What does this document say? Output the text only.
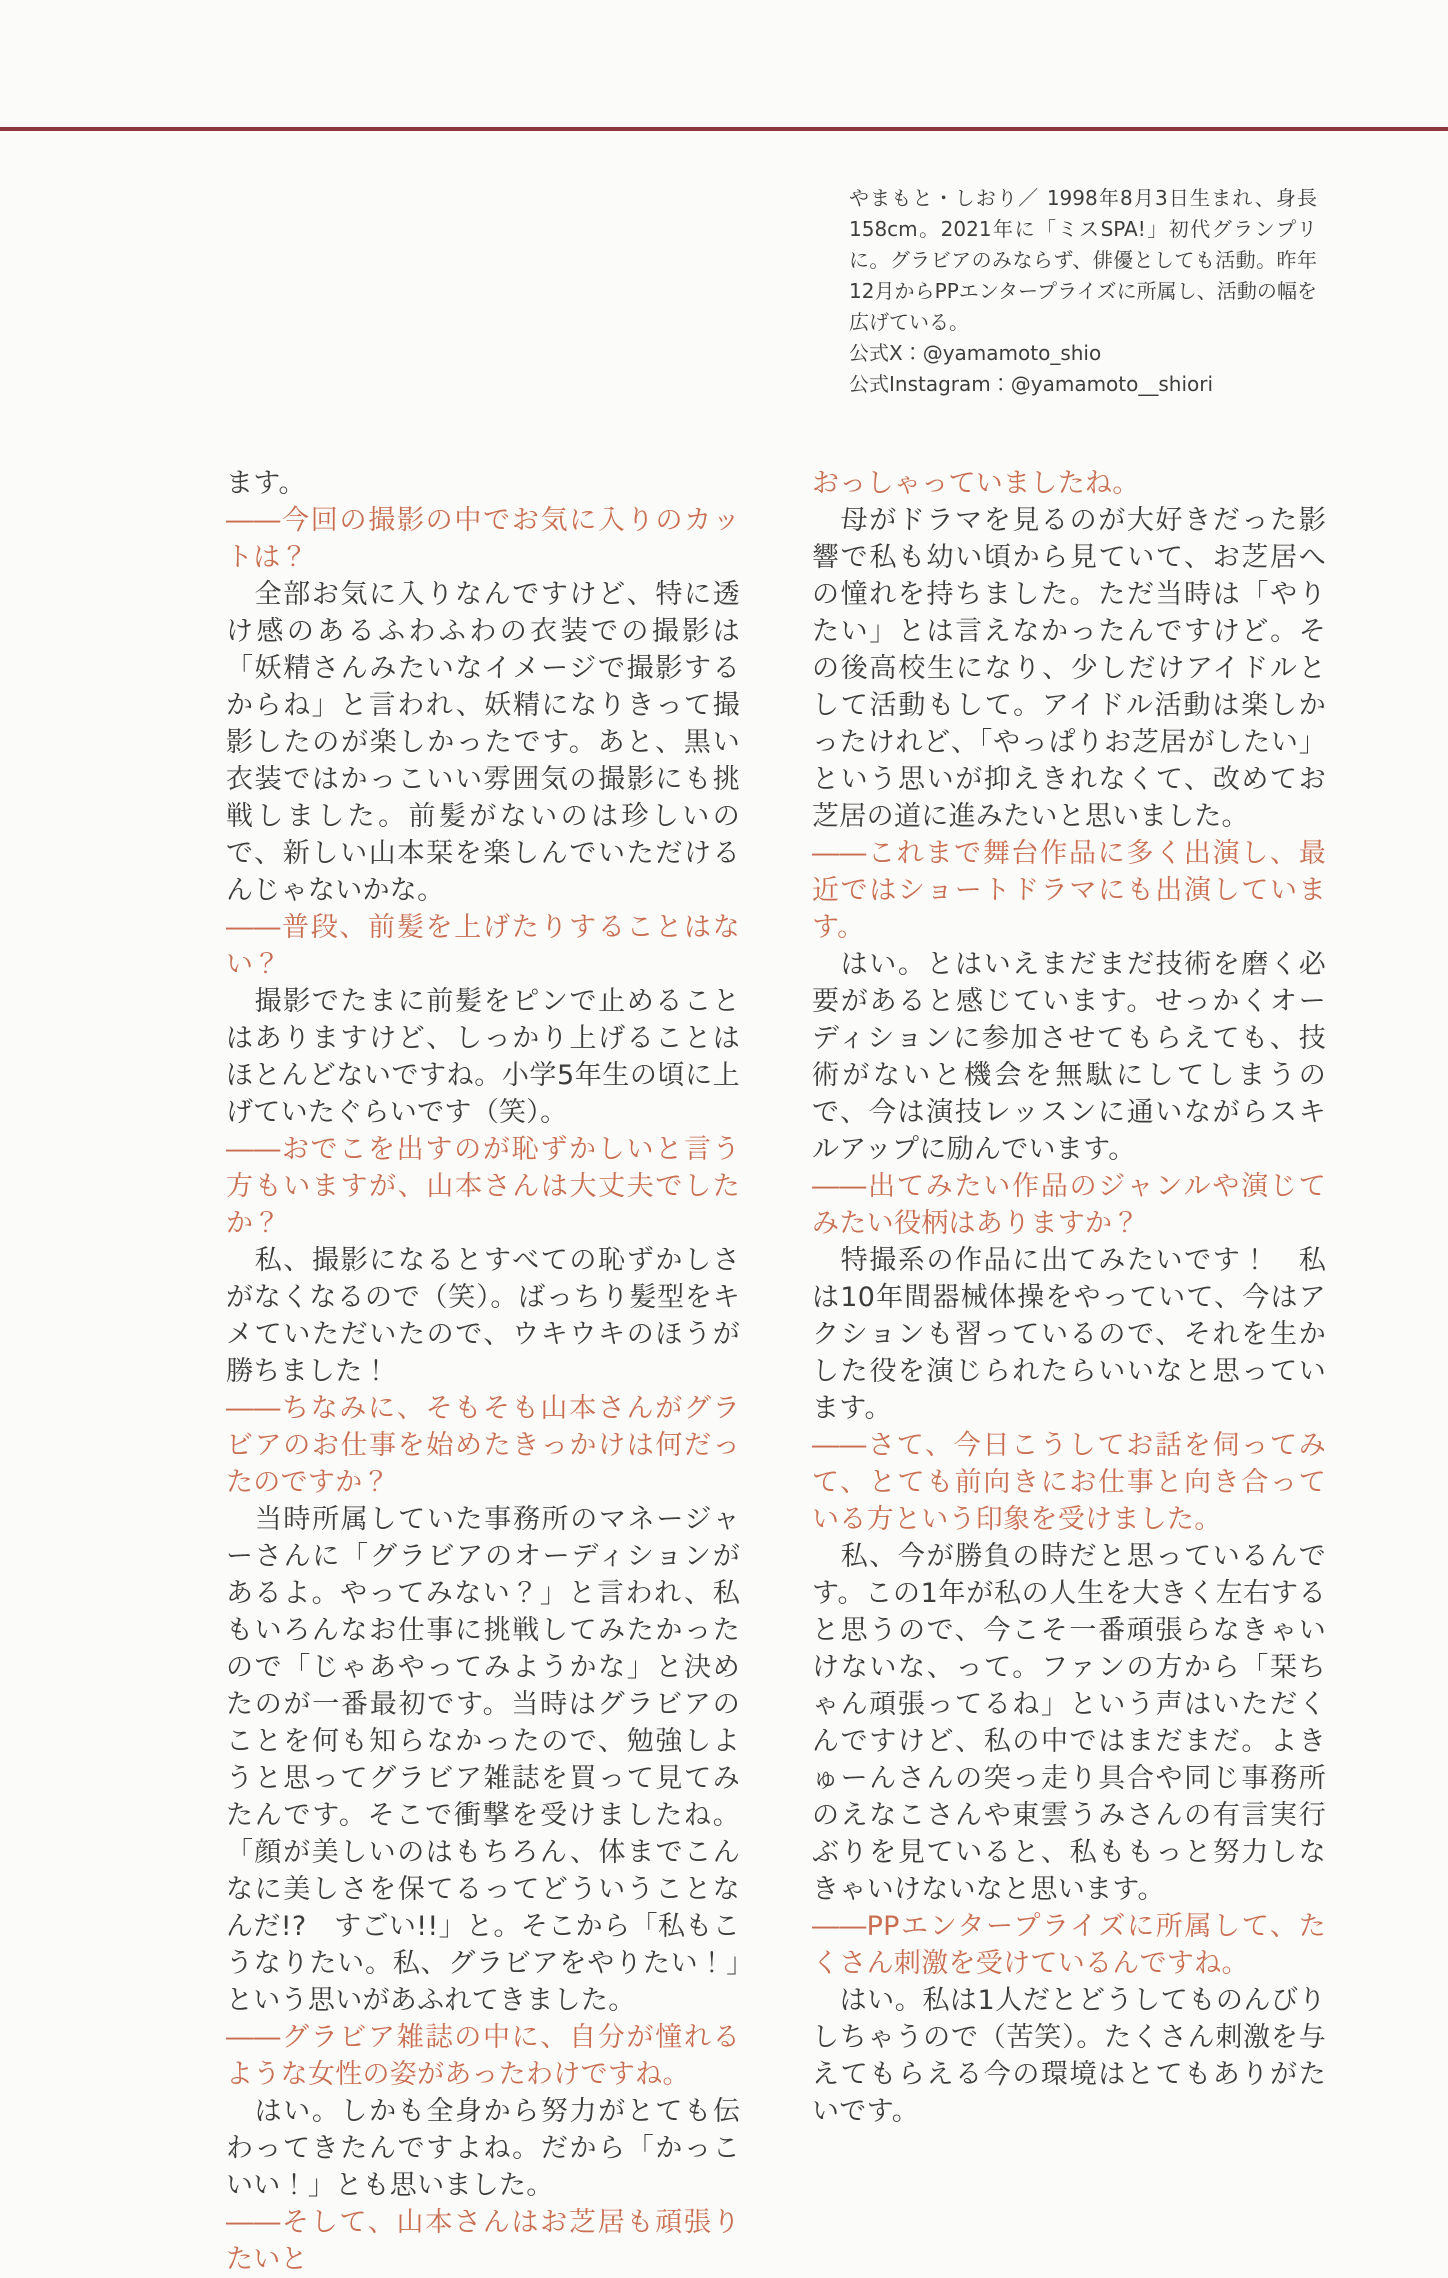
やまもと・しおり／ 1998年8月3日生まれ、身長158cm。2021年に「ミスSPA!」初代グランプリに。グラビアのみならず、俳優としても活動。昨年12月からPPエンタープライズに所属し、活動の幅を広げている。

公式X：@yamamoto_shio

公式Instagram：@yamamoto__shiori

ます。

――今回の撮影の中でお気に入りのカットは？

　全部お気に入りなんですけど、特に透け感のあるふわふわの衣装での撮影は「妖精さんみたいなイメージで撮影するからね」と言われ、妖精になりきって撮影したのが楽しかったです。あと、黒い衣装ではかっこいい雰囲気の撮影にも挑戦しました。前髪がないのは珍しいので、新しい山本栞を楽しんでいただけるんじゃないかな。

――普段、前髪を上げたりすることはない？

　撮影でたまに前髪をピンで止めることはありますけど、しっかり上げることはほとんどないですね。小学5年生の頃に上げていたぐらいです（笑）。

――おでこを出すのが恥ずかしいと言う方もいますが、山本さんは大丈夫でしたか？

　私、撮影になるとすべての恥ずかしさがなくなるので（笑）。ばっちり髪型をキメていただいたので、ウキウキのほうが勝ちました！

――ちなみに、そもそも山本さんがグラビアのお仕事を始めたきっかけは何だったのですか？

　当時所属していた事務所のマネージャーさんに「グラビアのオーディションがあるよ。やってみない？」と言われ、私もいろんなお仕事に挑戦してみたかったので「じゃあやってみようかな」と決めたのが一番最初です。当時はグラビアのことを何も知らなかったので、勉強しようと思ってグラビア雑誌を買って見てみたんです。そこで衝撃を受けましたね。「顔が美しいのはもちろん、体までこんなに美しさを保てるってどういうことなんだ!?　すごい!!」と。そこから「私もこうなりたい。私、グラビアをやりたい！」という思いがあふれてきました。

――グラビア雑誌の中に、自分が憧れるような女性の姿があったわけですね。

　はい。しかも全身から努力がとても伝わってきたんですよね。だから「かっこいい！」とも思いました。

――そして、山本さんはお芝居も頑張りたいと

おっしゃっていましたね。

　母がドラマを見るのが大好きだった影響で私も幼い頃から見ていて、お芝居への憧れを持ちました。ただ当時は「やりたい」とは言えなかったんですけど。その後高校生になり、少しだけアイドルとして活動もして。アイドル活動は楽しかったけれど、「やっぱりお芝居がしたい」という思いが抑えきれなくて、改めてお芝居の道に進みたいと思いました。

――これまで舞台作品に多く出演し、最近ではショートドラマにも出演しています。

　はい。とはいえまだまだ技術を磨く必要があると感じています。せっかくオーディションに参加させてもらえても、技術がないと機会を無駄にしてしまうので、今は演技レッスンに通いながらスキルアップに励んでいます。

――出てみたい作品のジャンルや演じてみたい役柄はありますか？

　特撮系の作品に出てみたいです！　私は10年間器械体操をやっていて、今はアクションも習っているので、それを生かした役を演じられたらいいなと思っています。

――さて、今日こうしてお話を伺ってみて、とても前向きにお仕事と向き合っている方という印象を受けました。

　私、今が勝負の時だと思っているんです。この1年が私の人生を大きく左右すると思うので、今こそ一番頑張らなきゃいけないな、って。ファンの方から「栞ちゃん頑張ってるね」という声はいただくんですけど、私の中ではまだまだ。よきゅーんさんの突っ走り具合や同じ事務所のえなこさんや東雲うみさんの有言実行ぶりを見ていると、私ももっと努力しなきゃいけないなと思います。

――PPエンタープライズに所属して、たくさん刺激を受けているんですね。

　はい。私は1人だとどうしてものんびりしちゃうので（苦笑）。たくさん刺激を与えてもらえる今の環境はとてもありがたいです。
